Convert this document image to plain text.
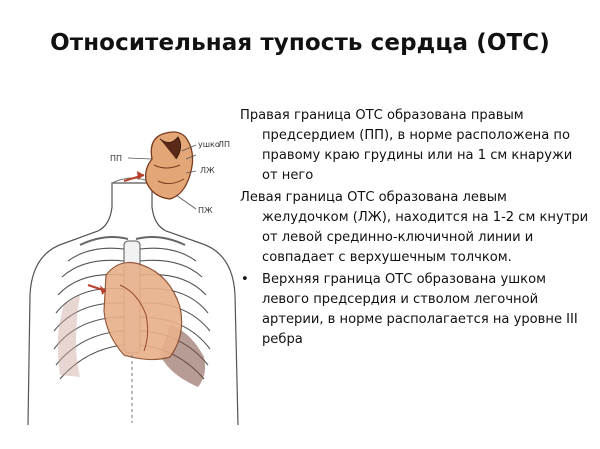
Относительная тупость сердца (ОТС)
ПП
ушко
ЛП
ЛЖ
ПЖ
Правая граница ОТС образована правым
предсердием (ПП), в норме расположена по правому краю грудины или на 1 см кнаружи от него
Левая граница ОТС образована левым
желудочком (ЛЖ), находится на 1-2 см кнутри от левой срединно-ключичной линии и совпадает с верхушечным толчком.
• Верхняя граница ОТС образована ушком левого предсердия и стволом легочной артерии, в норме располагается на уровне III ребра
